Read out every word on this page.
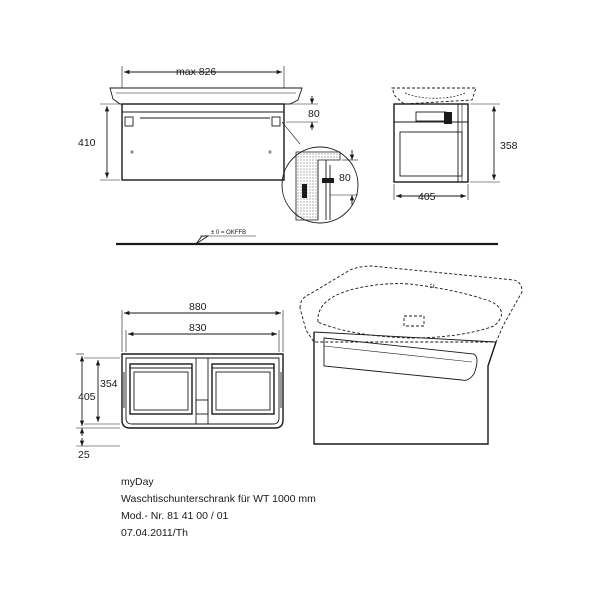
max 826
410
80
80
358
405
± 0 = OKFFB
880
830
354
405
25
myDay
Waschtischunterschrank für WT 1000 mm
Mod.- Nr. 81 41 00 / 01
07.04.2011/Th
